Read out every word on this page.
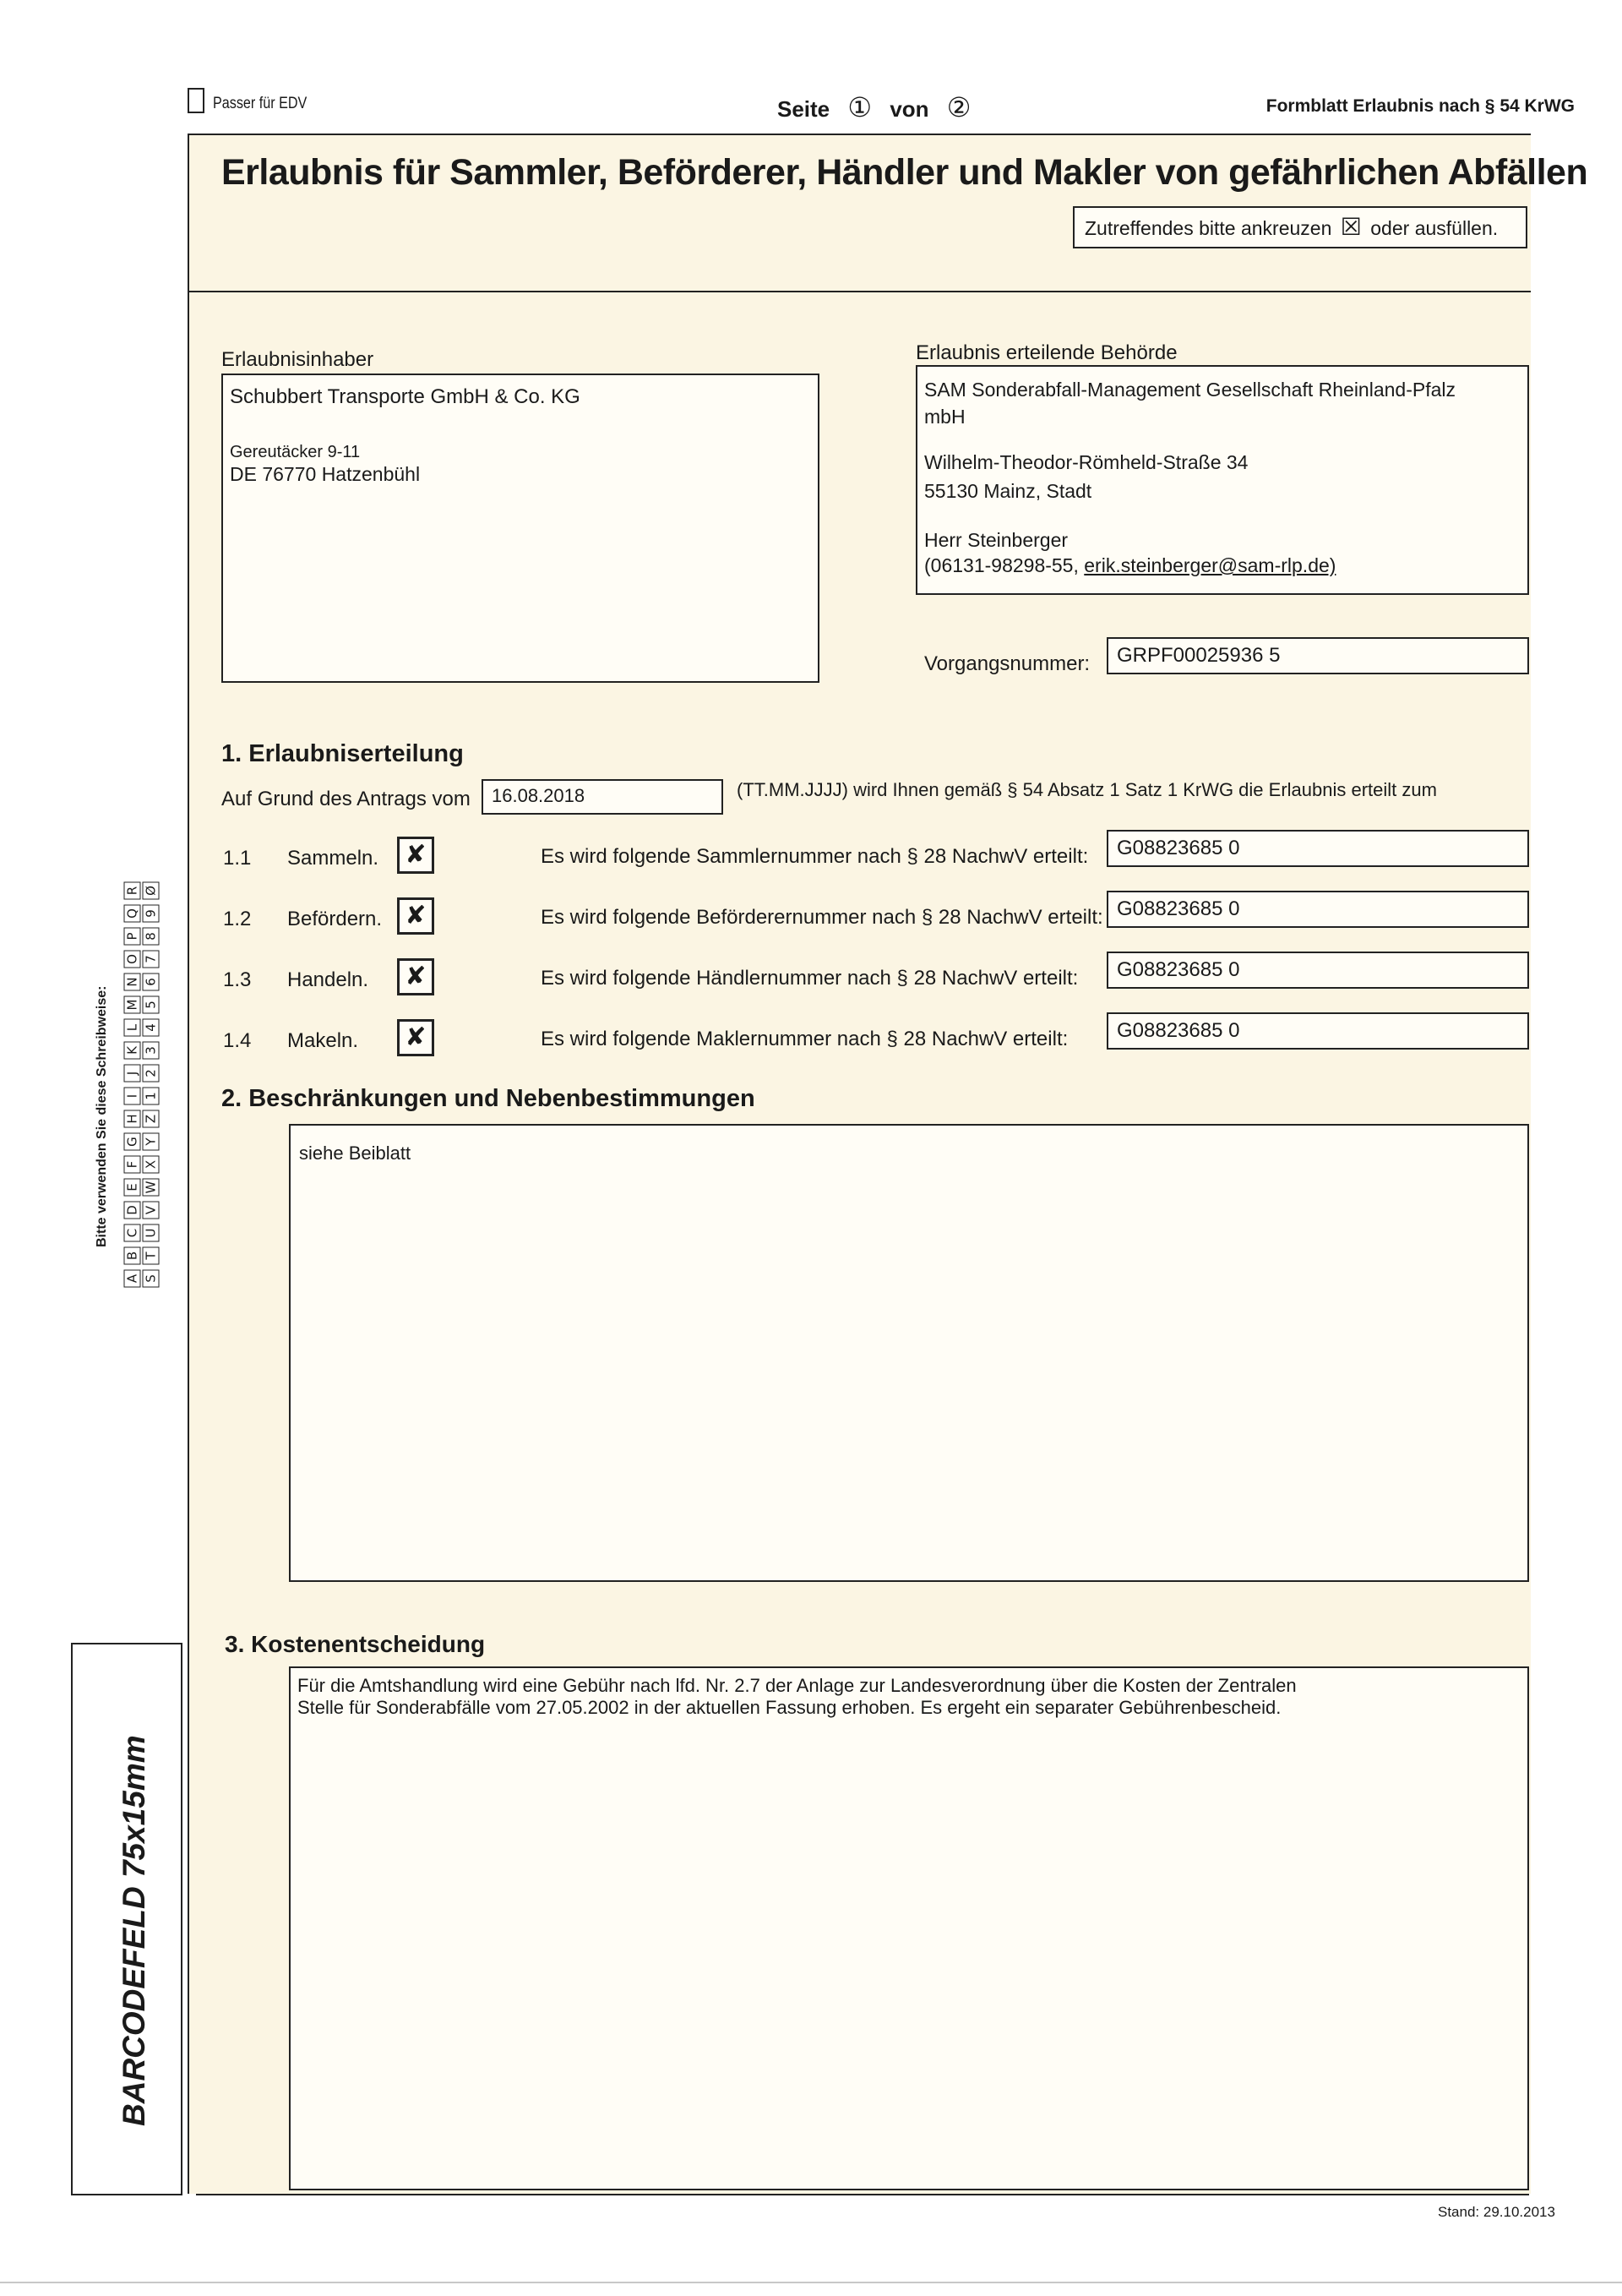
Passer für EDV	Seite ① von ②	Formblatt Erlaubnis nach § 54 KrWG
Erlaubnis für Sammler, Beförderer, Händler und Makler von gefährlichen Abfällen
Zutreffendes bitte ankreuzen ☒ oder ausfüllen.
Erlaubnisinhaber
Schubbert Transporte GmbH & Co. KG
Gereutäcker 9-11
DE 76770 Hatzenbühl
Erlaubnis erteilende Behörde
SAM Sonderabfall-Management Gesellschaft Rheinland-Pfalz
mbH
Wilhelm-Theodor-Römheld-Straße 34
55130 Mainz, Stadt
Herr Steinberger
(06131-98298-55, erik.steinberger@sam-rlp.de)
Vorgangsnummer:	GRPF00025936 5
1. Erlaubniserteilung
Auf Grund des Antrags vom	16.08.2018	(TT.MM.JJJJ) wird Ihnen gemäß § 54 Absatz 1 Satz 1 KrWG die Erlaubnis erteilt zum
1.1 Sammeln.	✘	Es wird folgende Sammlernummer nach § 28 NachwV erteilt:	G08823685 0
1.2 Befördern. ✘	Es wird folgende Beförderernummer nach § 28 NachwV erteilt: G08823685 0
1.3 Handeln.	✘	Es wird folgende Händlernummer nach § 28 NachwV erteilt:	G08823685 0
1.4 Makeln.	✘	Es wird folgende Maklernummer nach § 28 NachwV erteilt:	G08823685 0
2. Beschränkungen und Nebenbestimmungen
siehe Beiblatt
3. Kostenentscheidung
Für die Amtshandlung wird eine Gebühr nach lfd. Nr. 2.7 der Anlage zur Landesverordnung über die Kosten der Zentralen
Stelle für Sonderabfälle vom 27.05.2002 in der aktuellen Fassung erhoben. Es ergeht ein separater Gebührenbescheid.
Bitte verwenden Sie diese Schreibweise:
A
B
C
D
E
F
G
H
I
J
K
L
M
N
O
P
Q
R
S
T
U
V
W
X
Y
Z
1
2
3
4
5
6
7
8
9
Ø
BARCODEFELD 75x15mm
Stand: 29.10.2013
